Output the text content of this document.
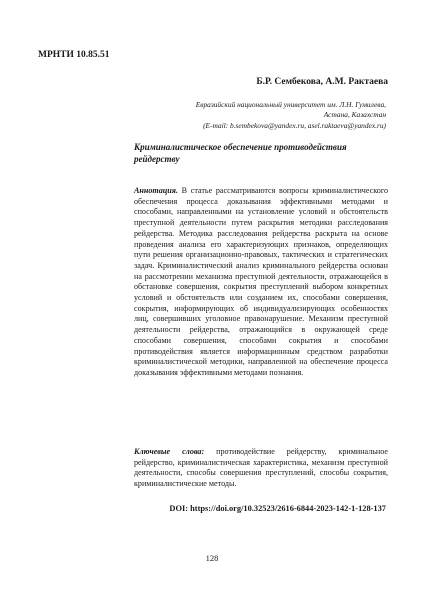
МРНТИ 10.85.51
Б.Р. Сембекова, А.М. Рактаева
Евразийский национальный университет им. Л.Н. Гумилева,
Астана, Казахстан
(E-mail: b.sembekova@yandex.ru, asel.raktaeva@yandex.ru)
Криминалистическое обеспечение противодействия рейдерству
Аннотация. В статье рассматриваются вопросы криминалистического обеспечения процесса доказывания эффективными методами и способами, направленными на установление условий и обстоятельств преступной деятельности путем раскрытия методики расследования рейдерства. Методика расследования рейдерства раскрыта на основе проведения анализа его характеризующих признаков, определяющих пути решения организационно-правовых, тактических и стратегических задач. Криминалистический анализ криминального рейдерства основан на рассмотрении механизма преступной деятельности, отражающейся в обстановке совершения, сокрытия преступлений выбором конкретных условий и обстоятельств или созданием их, способами совершения, сокрытия, информирующих об индивидуализирующих особенностях лиц, совершивших уголовное правонарушение. Механизм преступной деятельности рейдерства, отражающийся в окружающей среде способами совершения, способами сокрытия и способами противодействия является информационным средством разработки криминалистической методики, направленной на обеспечение процесса доказывания эффективными методами познания.
Ключевые слова: противодействие рейдерству, криминальное рейдерство, криминалистическая характеристика, механизм преступной деятельности, способы совершения преступлений, способы сокрытия, криминалистические методы.
DOI: https://doi.org/10.32523/2616-6844-2023-142-1-128-137
128
